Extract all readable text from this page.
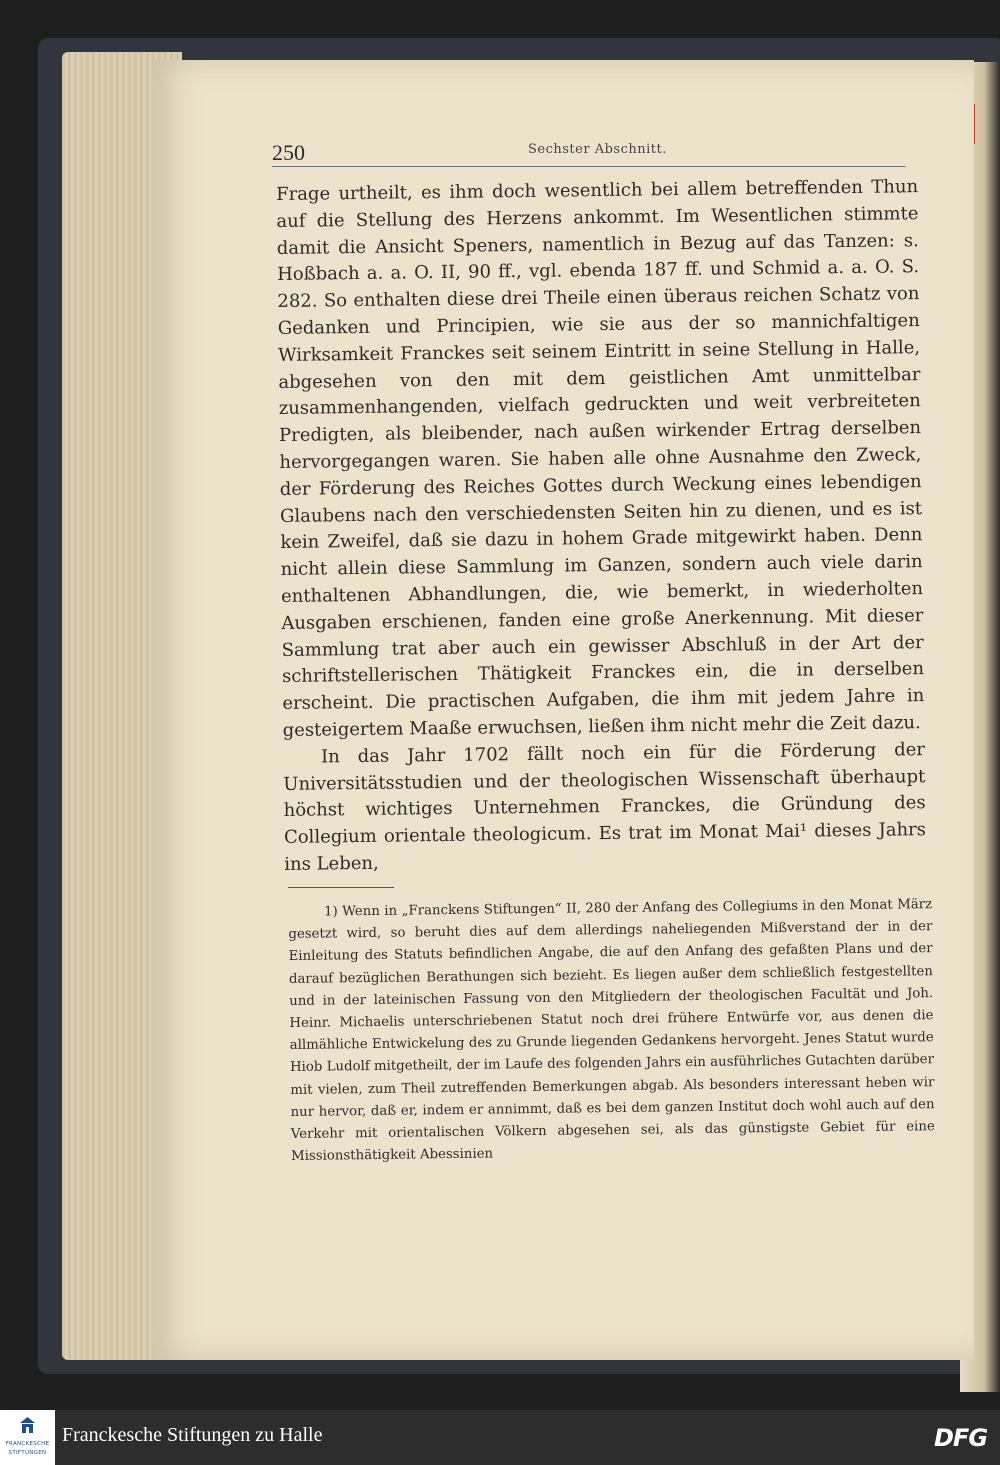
250	Sechster Abschnitt.

Frage urtheilt, es ihm doch wesentlich bei allem betreffenden Thun auf die Stellung des Herzens ankommt. Im Wesentlichen stimmte damit die Ansicht Speners, namentlich in Bezug auf das Tanzen: s. Hoßbach a. a. O. II, 90 ff., vgl. ebenda 187 ff. und Schmid a. a. O. S. 282. So enthalten diese drei Theile einen überaus reichen Schatz von Gedanken und Principien, wie sie aus der so mannichfaltigen Wirksamkeit Franckes seit seinem Eintritt in seine Stellung in Halle, abgesehen von den mit dem geistlichen Amt unmittelbar zusammenhangenden, vielfach gedruckten und weit verbreiteten Predigten, als bleibender, nach außen wirkender Ertrag derselben hervorgegangen waren. Sie haben alle ohne Ausnahme den Zweck, der Förderung des Reiches Gottes durch Weckung eines lebendigen Glaubens nach den verschiedensten Seiten hin zu dienen, und es ist kein Zweifel, daß sie dazu in hohem Grade mitgewirkt haben. Denn nicht allein diese Sammlung im Ganzen, sondern auch viele darin enthaltenen Abhandlungen, die, wie bemerkt, in wiederholten Ausgaben erschienen, fanden eine große Anerkennung. Mit dieser Sammlung trat aber auch ein gewisser Abschluß in der Art der schriftstellerischen Thätigkeit Franckes ein, die in derselben erscheint. Die practischen Aufgaben, die ihm mit jedem Jahre in gesteigertem Maaße erwuchsen, ließen ihm nicht mehr die Zeit dazu.

In das Jahr 1702 fällt noch ein für die Förderung der Universitätsstudien und der theologischen Wissenschaft überhaupt höchst wichtiges Unternehmen Franckes, die Gründung des Collegium orientale theologicum. Es trat im Monat Mai¹ dieses Jahrs ins Leben,

1) Wenn in „Franckens Stiftungen“ II, 280 der Anfang des Collegiums in den Monat März gesetzt wird, so beruht dies auf dem allerdings naheliegenden Mißverstand der in der Einleitung des Statuts befindlichen Angabe, die auf den Anfang des gefaßten Plans und der darauf bezüglichen Berathungen sich bezieht. Es liegen außer dem schließlich festgestellten und in der lateinischen Fassung von den Mitgliedern der theologischen Facultät und Joh. Heinr. Michaelis unterschriebenen Statut noch drei frühere Entwürfe vor, aus denen die allmähliche Entwickelung des zu Grunde liegenden Gedankens hervorgeht. Jenes Statut wurde Hiob Ludolf mitgetheilt, der im Laufe des folgenden Jahrs ein ausführliches Gutachten darüber mit vielen, zum Theil zutreffenden Bemerkungen abgab. Als besonders interessant heben wir nur hervor, daß er, indem er annimmt, daß es bei dem ganzen Institut doch wohl auch auf den Verkehr mit orientalischen Völkern abgesehen sei, als das günstigste Gebiet für eine Missionsthätigkeit Abessinien

FRANCKESCHE
STIFTUNGEN
Franckesche Stiftungen zu Halle	DFG
